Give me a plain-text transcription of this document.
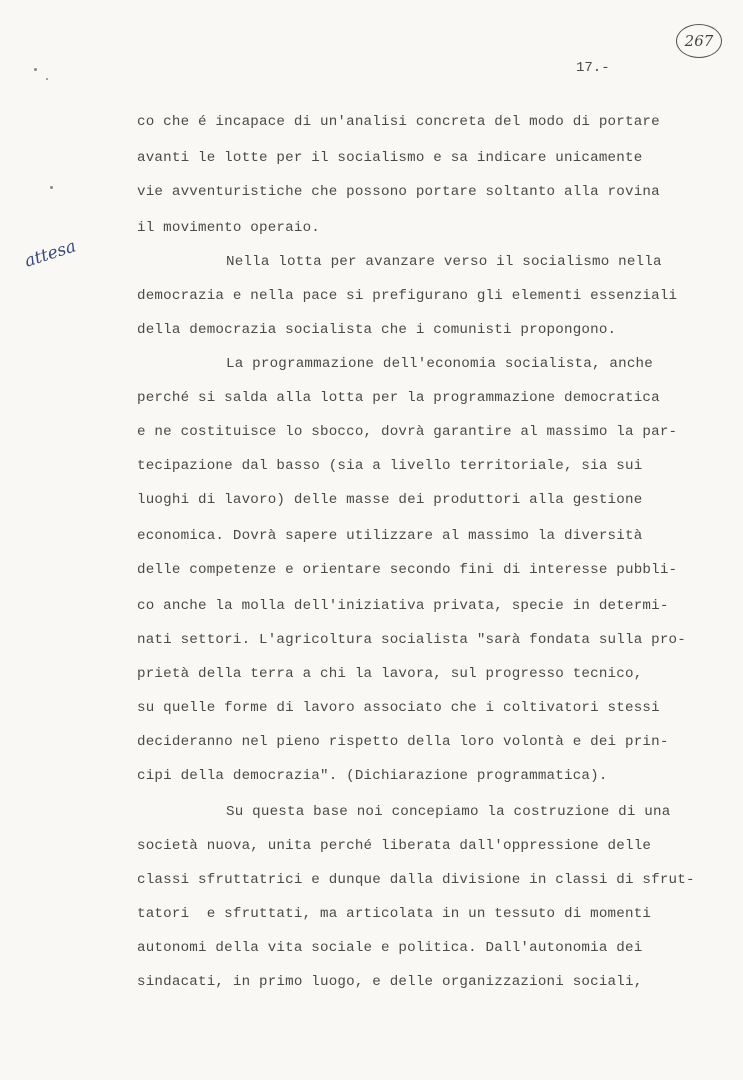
267
17.-
attesa
co che é incapace di un'analisi concreta del modo di portare
avanti le lotte per il socialismo e sa indicare unicamente
vie avventuristiche che possono portare soltanto alla rovina
il movimento operaio.
Nella lotta per avanzare verso il socialismo nella
democrazia e nella pace si prefigurano gli elementi essenziali
della democrazia socialista che i comunisti propongono.
La programmazione dell'economia socialista, anche
perché si salda alla lotta per la programmazione democratica
e ne costituisce lo sbocco, dovrà garantire al massimo la par-
tecipazione dal basso (sia a livello territoriale, sia sui
luoghi di lavoro) delle masse dei produttori alla gestione
economica. Dovrà sapere utilizzare al massimo la diversità
delle competenze e orientare secondo fini di interesse pubbli-
co anche la molla dell'iniziativa privata, specie in determi-
nati settori. L'agricoltura socialista "sarà fondata sulla pro-
prietà della terra a chi la lavora, sul progresso tecnico,
su quelle forme di lavoro associato che i coltivatori stessi
decideranno nel pieno rispetto della loro volontà e dei prin-
cipi della democrazia". (Dichiarazione programmatica).
Su questa base noi concepiamo la costruzione di una
società nuova, unita perché liberata dall'oppressione delle
classi sfruttatrici e dunque dalla divisione in classi di sfrut-
tatori  e sfruttati, ma articolata in un tessuto di momenti
autonomi della vita sociale e politica. Dall'autonomia dei
sindacati, in primo luogo, e delle organizzazioni sociali,
